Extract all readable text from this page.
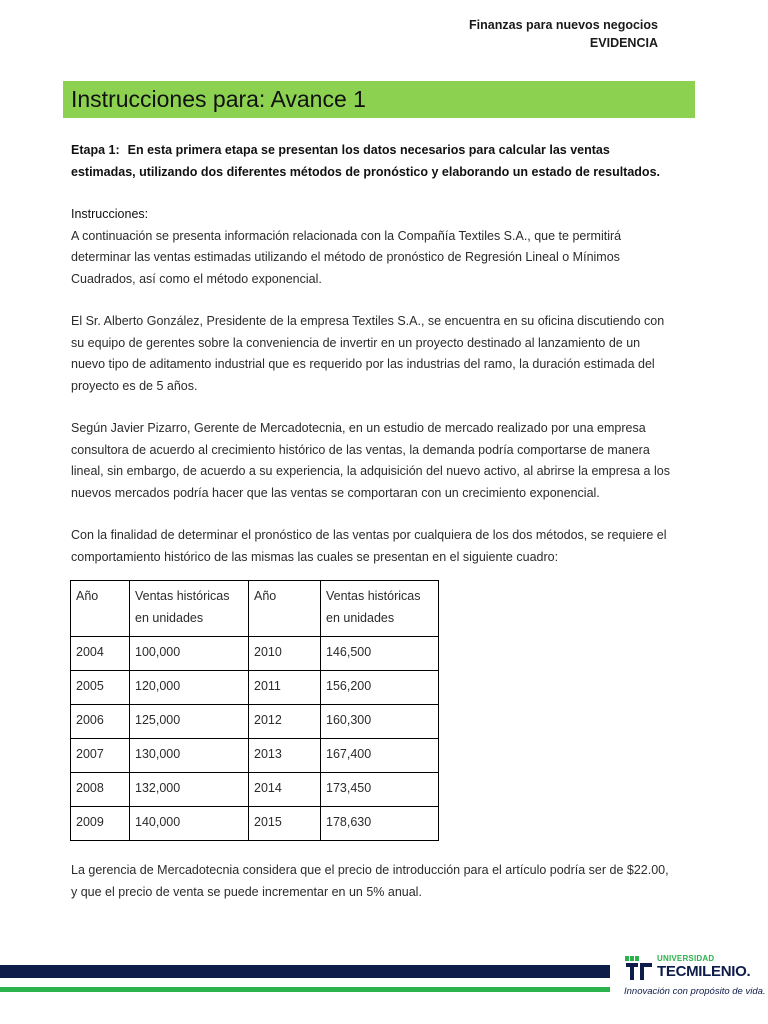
Finanzas para nuevos negocios
EVIDENCIA
Instrucciones para: Avance 1

Etapa 1: En esta primera etapa se presentan los datos necesarios para calcular las ventas estimadas, utilizando dos diferentes métodos de pronóstico y elaborando un estado de resultados.

Instrucciones:

A continuación se presenta información relacionada con la Compañía Textiles S.A., que te permitirá determinar las ventas estimadas utilizando el método de pronóstico de Regresión Lineal o Mínimos Cuadrados, así como el método exponencial.

El Sr. Alberto González, Presidente de la empresa Textiles S.A., se encuentra en su oficina discutiendo con su equipo de gerentes sobre la conveniencia de invertir en un proyecto destinado al lanzamiento de un nuevo tipo de aditamento industrial que es requerido por las industrias del ramo, la duración estimada del proyecto es de 5 años.

Según Javier Pizarro, Gerente de Mercadotecnia, en un estudio de mercado realizado por una empresa consultora de acuerdo al crecimiento histórico de las ventas, la demanda podría comportarse de manera lineal, sin embargo, de acuerdo a su experiencia, la adquisición del nuevo activo, al abrirse la empresa a los nuevos mercados podría hacer que las ventas se comportaran con un crecimiento exponencial.

Con la finalidad de determinar el pronóstico de las ventas por cualquiera de los dos métodos, se requiere el comportamiento histórico de las mismas las cuales se presentan en el siguiente cuadro:

Año	Ventas históricas en unidades	Año	Ventas históricas en unidades
2004	100,000	2010	146,500
2005	120,000	2011	156,200
2006	125,000	2012	160,300
2007	130,000	2013	167,400
2008	132,000	2014	173,450
2009	140,000	2015	178,630

La gerencia de Mercadotecnia considera que el precio de introducción para el artículo podría ser de $22.00, y que el precio de venta se puede incrementar en un 5% anual.

UNIVERSIDAD
TECMILENIO.
Innovación con propósito de vida.
